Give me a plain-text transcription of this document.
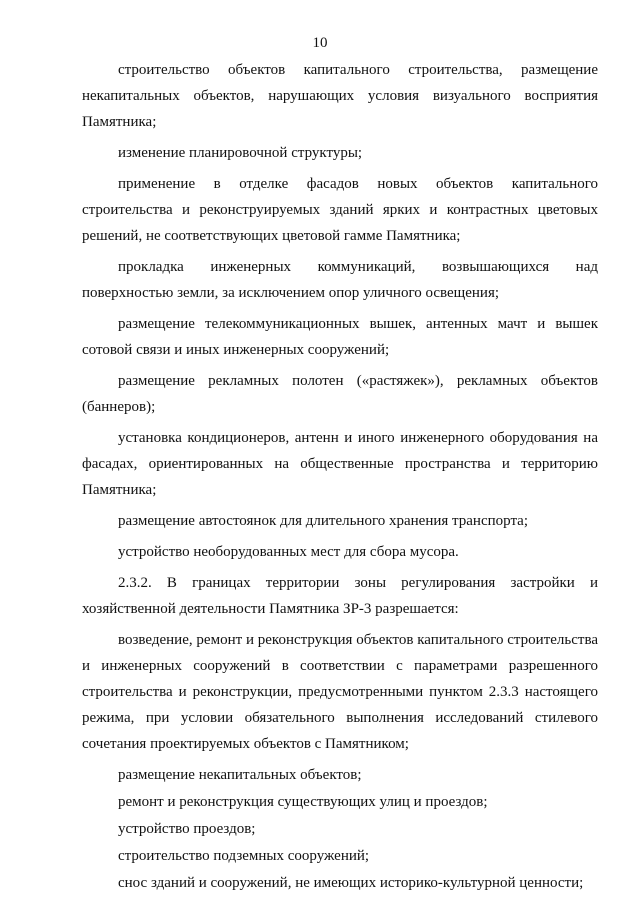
10

строительство объектов капитального строительства, размещение некапитальных объектов, нарушающих условия визуального восприятия Памятника;

изменение планировочной структуры;

применение в отделке фасадов новых объектов капитального строительства и реконструируемых зданий ярких и контрастных цветовых решений, не соответствующих цветовой гамме Памятника;

прокладка инженерных коммуникаций, возвышающихся над поверхностью земли, за исключением опор уличного освещения;

размещение телекоммуникационных вышек, антенных мачт и вышек сотовой связи и иных инженерных сооружений;

размещение рекламных полотен («растяжек»), рекламных объектов (баннеров);

установка кондиционеров, антенн и иного инженерного оборудования на фасадах, ориентированных на общественные пространства и территорию Памятника;

размещение автостоянок для длительного хранения транспорта;

устройство необорудованных мест для сбора мусора.

2.3.2. В границах территории зоны регулирования застройки и хозяйственной деятельности Памятника ЗР-3 разрешается:

возведение, ремонт и реконструкция объектов капитального строительства и инженерных сооружений в соответствии с параметрами разрешенного строительства и реконструкции, предусмотренными пунктом 2.3.3 настоящего режима, при условии обязательного выполнения исследований стилевого сочетания проектируемых объектов с Памятником;

размещение некапитальных объектов;

ремонт и реконструкция существующих улиц и проездов;

устройство проездов;

строительство подземных сооружений;

снос зданий и сооружений, не имеющих историко-культурной ценности;
